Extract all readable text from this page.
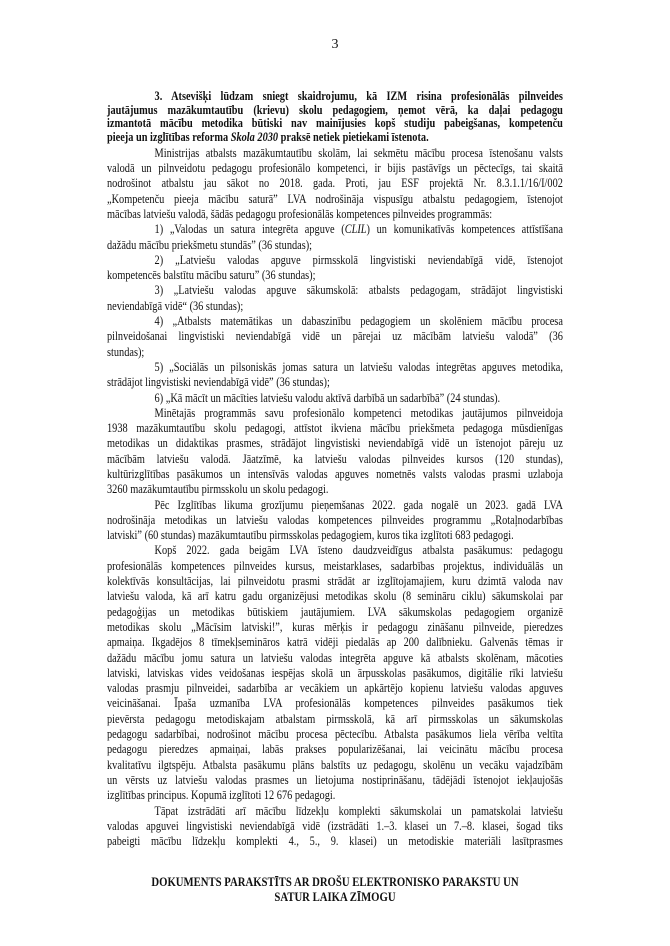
3
3. Atsevišķi lūdzam sniegt skaidrojumu, kā IZM risina profesionālās pilnveides
jautājumus mazākumtautību (krievu) skolu pedagogiem, ņemot vērā, ka daļai pedagogu
izmantotā mācību metodika būtiski nav mainījusies kopš studiju pabeigšanas, kompetenču
pieeja un izglītības reforma Skola 2030 praksē netiek pietiekami īstenota.
Ministrijas atbalsts mazākumtautību skolām, lai sekmētu mācību procesa īstenošanu valsts
valodā un pilnveidotu pedagogu profesionālo kompetenci, ir bijis pastāvīgs un pēctecīgs, tai skaitā
nodrošinot atbalstu jau sākot no 2018. gada. Proti, jau ESF projektā Nr. 8.3.1.1/16/I/002
„Kompetenču pieeja mācību saturā” LVA nodrošināja vispusīgu atbalstu pedagogiem, īstenojot
mācības latviešu valodā, šādās pedagogu profesionālās kompetences pilnveides programmās:
1) „Valodas un satura integrēta apguve (CLIL) un komunikatīvās kompetences attīstīšana
dažādu mācību priekšmetu stundās” (36 stundas);
2) „Latviešu valodas apguve pirmsskolā lingvistiski neviendabīgā vidē, īstenojot
kompetencēs balstītu mācību saturu” (36 stundas);
3) „Latviešu valodas apguve sākumskolā: atbalsts pedagogam, strādājot lingvistiski
neviendabīgā vidē“ (36 stundas);
4) „Atbalsts matemātikas un dabaszinību pedagogiem un skolēniem mācību procesa
pilnveidošanai lingvistiski neviendabīgā vidē un pārejai uz mācībām latviešu valodā” (36
stundas);
5) „Sociālās un pilsoniskās jomas satura un latviešu valodas integrētas apguves metodika,
strādājot lingvistiski neviendabīgā vidē” (36 stundas);
6) „Kā mācīt un mācīties latviešu valodu aktīvā darbībā un sadarbībā” (24 stundas).
Minētajās programmās savu profesionālo kompetenci metodikas jautājumos pilnveidoja
1938 mazākumtautību skolu pedagogi, attīstot ikviena mācību priekšmeta pedagoga mūsdienīgas
metodikas un didaktikas prasmes, strādājot lingvistiski neviendabīgā vidē un īstenojot pāreju uz
mācībām latviešu valodā. Jāatzīmē, ka latviešu valodas pilnveides kursos (120 stundas),
kultūrizglītības pasākumos un intensīvās valodas apguves nometnēs valsts valodas prasmi uzlaboja
3260 mazākumtautību pirmsskolu un skolu pedagogi.
Pēc Izglītības likuma grozījumu pieņemšanas 2022. gada nogalē un 2023. gadā LVA
nodrošināja metodikas un latviešu valodas kompetences pilnveides programmu „Rotaļnodarbības
latviski” (60 stundas) mazākumtautību pirmsskolas pedagogiem, kuros tika izglītoti 683 pedagogi.
Kopš 2022. gada beigām LVA īsteno daudzveidīgus atbalsta pasākumus: pedagogu
profesionālās kompetences pilnveides kursus, meistarklases, sadarbības projektus, individuālās un
kolektīvās konsultācijas, lai pilnveidotu prasmi strādāt ar izglītojamajiem, kuru dzimtā valoda nav
latviešu valoda, kā arī katru gadu organizējusi metodikas skolu (8 semināru ciklu) sākumskolai par
pedagoģijas un metodikas būtiskiem jautājumiem. LVA sākumskolas pedagogiem organizē
metodikas skolu „Mācīsim latviski!”, kuras mērķis ir pedagogu zināšanu pilnveide, pieredzes
apmaiņa. Ikgadējos 8 tīmekļsemināros katrā vidēji piedalās ap 200 dalībnieku. Galvenās tēmas ir
dažādu mācību jomu satura un latviešu valodas integrēta apguve kā atbalsts skolēnam, mācoties
latviski, latviskas vides veidošanas iespējas skolā un ārpusskolas pasākumos, digitālie rīki latviešu
valodas prasmju pilnveidei, sadarbība ar vecākiem un apkārtējo kopienu latviešu valodas apguves
veicināšanai. Īpaša uzmanība LVA profesionālās kompetences pilnveides pasākumos tiek
pievērsta pedagogu metodiskajam atbalstam pirmsskolā, kā arī pirmsskolas un sākumskolas
pedagogu sadarbībai, nodrošinot mācību procesa pēctecību. Atbalsta pasākumos liela vērība veltīta
pedagogu pieredzes apmaiņai, labās prakses popularizēšanai, lai veicinātu mācību procesa
kvalitatīvu ilgtspēju. Atbalsta pasākumu plāns balstīts uz pedagogu, skolēnu un vecāku vajadzībām
un vērsts uz latviešu valodas prasmes un lietojuma nostiprināšanu, tādējādi īstenojot iekļaujošās
izglītības principus. Kopumā izglītoti 12 676 pedagogi.
Tāpat izstrādāti arī mācību līdzekļu komplekti sākumskolai un pamatskolai latviešu
valodas apguvei lingvistiski neviendabīgā vidē (izstrādāti 1.–3. klasei un 7.–8. klasei, šogad tiks
pabeigti mācību līdzekļu komplekti 4., 5., 9. klasei) un metodiskie materiāli lasītprasmes
DOKUMENTS PARAKSTĪTS AR DROŠU ELEKTRONISKO PARAKSTU UN
SATUR LAIKA ZĪMOGU
